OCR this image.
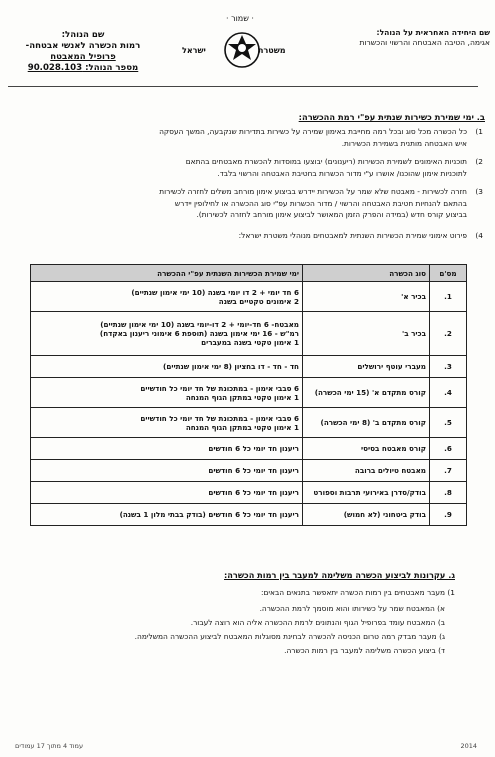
שם היחידה האחראית על הנוהל:
אגימה, הטיבה האבטחה והרשוי והכשרות
· שמור ·
משטרת
ישראל
שם הנוהל:
רמות הכשרה לאנשי אבטחה-
פרופיל המאבטח
מספר הנוהל: 90.028.103
ב. ימי שמירת כשירות שנתית עפ"י רמת ההכשרה:
1)
כל הכשרה מכל סוג ובכל רמה מחייבת באימון שמירה על כשירות בתדירות שנקבעה, המשך העסקה
איש האבטחה מותנית בשמירת הכשירות.
2)
תוכניות האימונים לשמירת הכשירות (ריענונים) יבוצעו במוסדות להכשרת מאבטחים בהתאם
לתוכניות אימון שהוכנו/ אושרו ע"י מדור הכשרות בחטיבת האבטחה והרשוי בלבד.
3)
חזרה לכשירות - מאבטח שלא שמר על הכשירות יידרש בביצוע אימון מורחב משלים לחזרה לכשירות
בהתאם להנחיות חטיבת האבטחה והרשוי / מדור הכשרות עפ"י סוג ההכשרה או לחילופין יידרש
בביצוע קורס חדש (במידה והפרק הזמן המאושר לביצוע אימון מורחב לחזרה לכשירות).
4)
פירוט אימוני שמירת הכשירות השנתית למאבטחים מנוהלי משטרת ישראל:
מס'ם	סוג הכשרה	ימי שמירת הכשירות השנתית עפ"י ההכשרה
1.	בכיר א'	6 חד יומי + 2 דו יומי בשנה (10 ימי אימון שנתיים)
2 אימונים טקטיים בשנה

2.	בכיר ב'	מאבטח- 6 חד-יומי + 2 דו-יומי בשנה (10 ימי אימון שנתיים)
רמ"ש - 16 ימי אימון בשנה (תוספת 6 אימוני ריענון באקדח)
1 אימון טקטי בשנה במעברים

3.	מעברי עוטף ירושלים	חד - חד - דו בחציון (8 ימי אימון שנתיים)

4.	קורס מתקדם א' (15 ימי הכשרה)	6 סבבי אימון - במתכונת של חד יומי כל חודשיים
1 אימון טקטי במתקן הגוף המנחה

5.	קורס מתקדם ב' (8 ימי הכשרה)	6 סבבי אימון - במתכונת של חד יומי כל חודשיים
1 אימון טקטי במתקן הגוף המנחה

6.	קורס מאבטח בסיסי	ריענון חד יומי כל 6 חודשים

7.	מאבטח טיולים ברובה	ריענון חד יומי כל 6 חודשים

8.	בודק/סדרן באירועי תרבות וספורט	ריענון חד יומי כל 6 חודשים

9.	בודק ביטחוני (לא חמוש)	ריענון חד יומי כל 6 חודשים (בודק בבתי מלון 1 בשנה)
ג. עקרונות לביצוע הכשרה משלימה למעבר בין רמות הכשרה:
1) מעבר מאבטחים בין רמות הכשרה יתאפשר בתנאים הבאים:
א) המאבטח שמר על כשירותו והוא מוסמך לרמת ההכשרה.
ב) המאבטח עומד בפרופיל הגוף והנתונים לרמת ההכשרה אליה הוא רוצה לעבור.
ג) מעבר מבדק רמה טרום הכניסה להכשרה לבחינת מסוגלות המאבטח לביצוע ההכשרה המשלימה.
ד) ביצוע הכשרה משלימה למעבר בין רמות הכשרה.
עמוד 4 מתוך 17 עמודים	2014
